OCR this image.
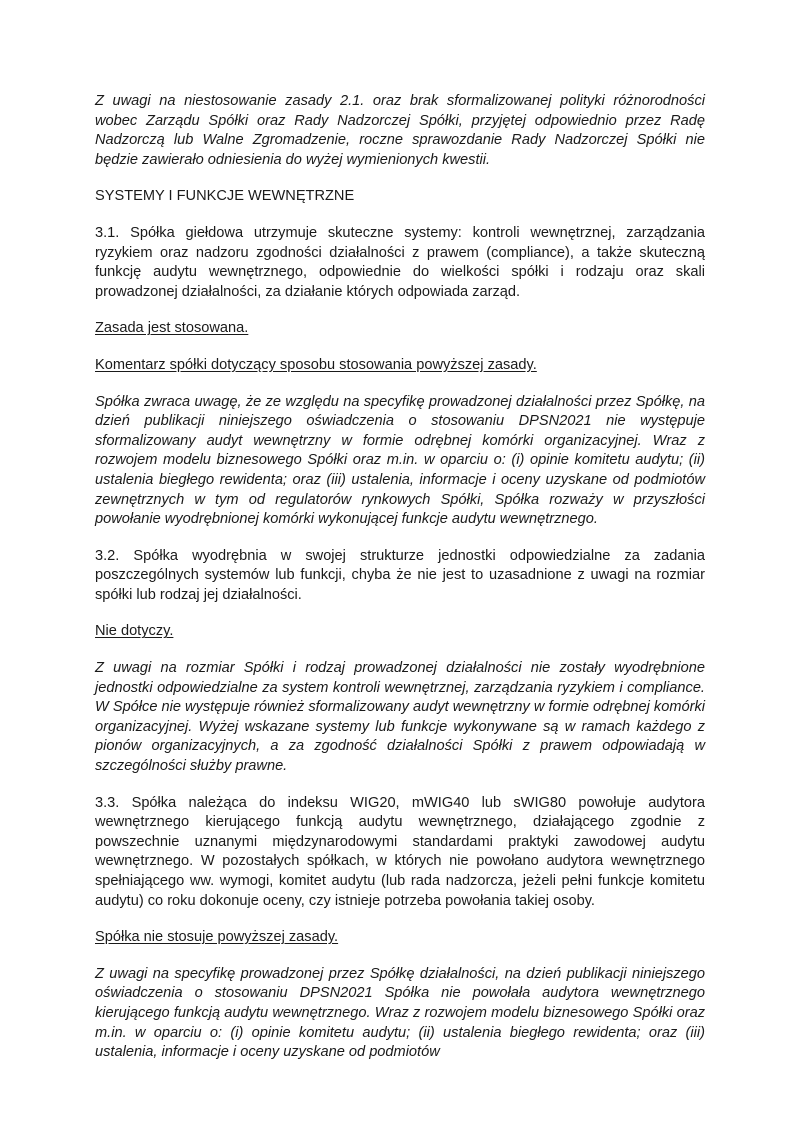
Z uwagi na niestosowanie zasady 2.1. oraz brak sformalizowanej polityki różnorodności wobec Zarządu Spółki oraz Rady Nadzorczej Spółki, przyjętej odpowiednio przez Radę Nadzorczą lub Walne Zgromadzenie, roczne sprawozdanie Rady Nadzorczej Spółki nie będzie zawierało odniesienia do wyżej wymienionych kwestii.

SYSTEMY I FUNKCJE WEWNĘTRZNE

3.1. Spółka giełdowa utrzymuje skuteczne systemy: kontroli wewnętrznej, zarządzania ryzykiem oraz nadzoru zgodności działalności z prawem (compliance), a także skuteczną funkcję audytu wewnętrznego, odpowiednie do wielkości spółki i rodzaju oraz skali prowadzonej działalności, za działanie których odpowiada zarząd.

Zasada jest stosowana.

Komentarz spółki dotyczący sposobu stosowania powyższej zasady.

Spółka zwraca uwagę, że ze względu na specyfikę prowadzonej działalności przez Spółkę, na dzień publikacji niniejszego oświadczenia o stosowaniu DPSN2021 nie występuje sformalizowany audyt wewnętrzny w formie odrębnej komórki organizacyjnej. Wraz z rozwojem modelu biznesowego Spółki oraz m.in. w oparciu o: (i) opinie komitetu audytu; (ii) ustalenia biegłego rewidenta; oraz (iii) ustalenia, informacje i oceny uzyskane od podmiotów zewnętrznych w tym od regulatorów rynkowych Spółki, Spółka rozważy w przyszłości powołanie wyodrębnionej komórki wykonującej funkcje audytu wewnętrznego.

3.2. Spółka wyodrębnia w swojej strukturze jednostki odpowiedzialne za zadania poszczególnych systemów lub funkcji, chyba że nie jest to uzasadnione z uwagi na rozmiar spółki lub rodzaj jej działalności.

Nie dotyczy.

Z uwagi na rozmiar Spółki i rodzaj prowadzonej działalności nie zostały wyodrębnione jednostki odpowiedzialne za system kontroli wewnętrznej, zarządzania ryzykiem i compliance. W Spółce nie występuje również sformalizowany audyt wewnętrzny w formie odrębnej komórki organizacyjnej. Wyżej wskazane systemy lub funkcje wykonywane są w ramach każdego z pionów organizacyjnych, a za zgodność działalności Spółki z prawem odpowiadają w szczególności służby prawne.

3.3. Spółka należąca do indeksu WIG20, mWIG40 lub sWIG80 powołuje audytora wewnętrznego kierującego funkcją audytu wewnętrznego, działającego zgodnie z powszechnie uznanymi międzynarodowymi standardami praktyki zawodowej audytu wewnętrznego. W pozostałych spółkach, w których nie powołano audytora wewnętrznego spełniającego ww. wymogi, komitet audytu (lub rada nadzorcza, jeżeli pełni funkcje komitetu audytu) co roku dokonuje oceny, czy istnieje potrzeba powołania takiej osoby.

Spółka nie stosuje powyższej zasady.

Z uwagi na specyfikę prowadzonej przez Spółkę działalności, na dzień publikacji niniejszego oświadczenia o stosowaniu DPSN2021 Spółka nie powołała audytora wewnętrznego kierującego funkcją audytu wewnętrznego. Wraz z rozwojem modelu biznesowego Spółki oraz m.in. w oparciu o: (i) opinie komitetu audytu; (ii) ustalenia biegłego rewidenta; oraz (iii) ustalenia, informacje i oceny uzyskane od podmiotów
